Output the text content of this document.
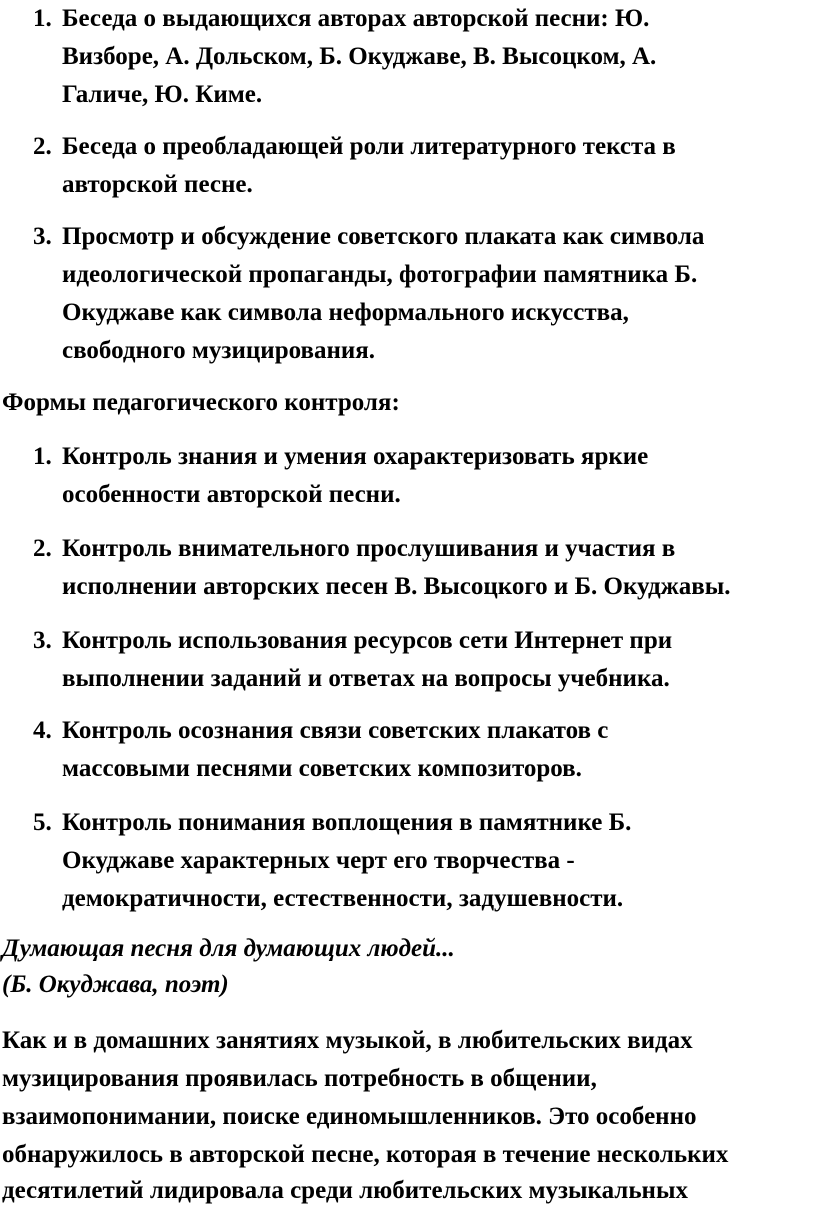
1. Беседа о выдающихся авторах авторской песни: Ю.
Визборе, А. Дольском, Б. Окуджаве, В. Высоцком, А.
Галиче, Ю. Киме.
2. Беседа о преобладающей роли литературного текста в
авторской песне.
3. Просмотр и обсуждение советского плаката как символа
идеологической пропаганды, фотографии памятника Б.
Окуджаве как символа неформального искусства,
свободного музицирования.
Формы педагогического контроля:
1. Контроль знания и умения охарактеризовать яркие
особенности авторской песни.
2. Контроль внимательного прослушивания и участия в
исполнении авторских песен В. Высоцкого и Б. Окуджавы.
3. Контроль использования ресурсов сети Интернет при
выполнении заданий и ответах на вопросы учебника.
4. Контроль осознания связи советских плакатов с
массовыми песнями советских композиторов.
5. Контроль понимания воплощения в памятнике Б.
Окуджаве характерных черт его творчества -
демократичности, естественности, задушевности.
Думающая песня для думающих людей...
(Б. Окуджава, поэт)
Как и в домашних занятиях музыкой, в любительских видах
музицирования проявилась потребность в общении,
взаимопонимании, поиске единомышленников. Это особенно
обнаружилось в авторской песне, которая в течение нескольких
десятилетий лидировала среди любительских музыкальных
